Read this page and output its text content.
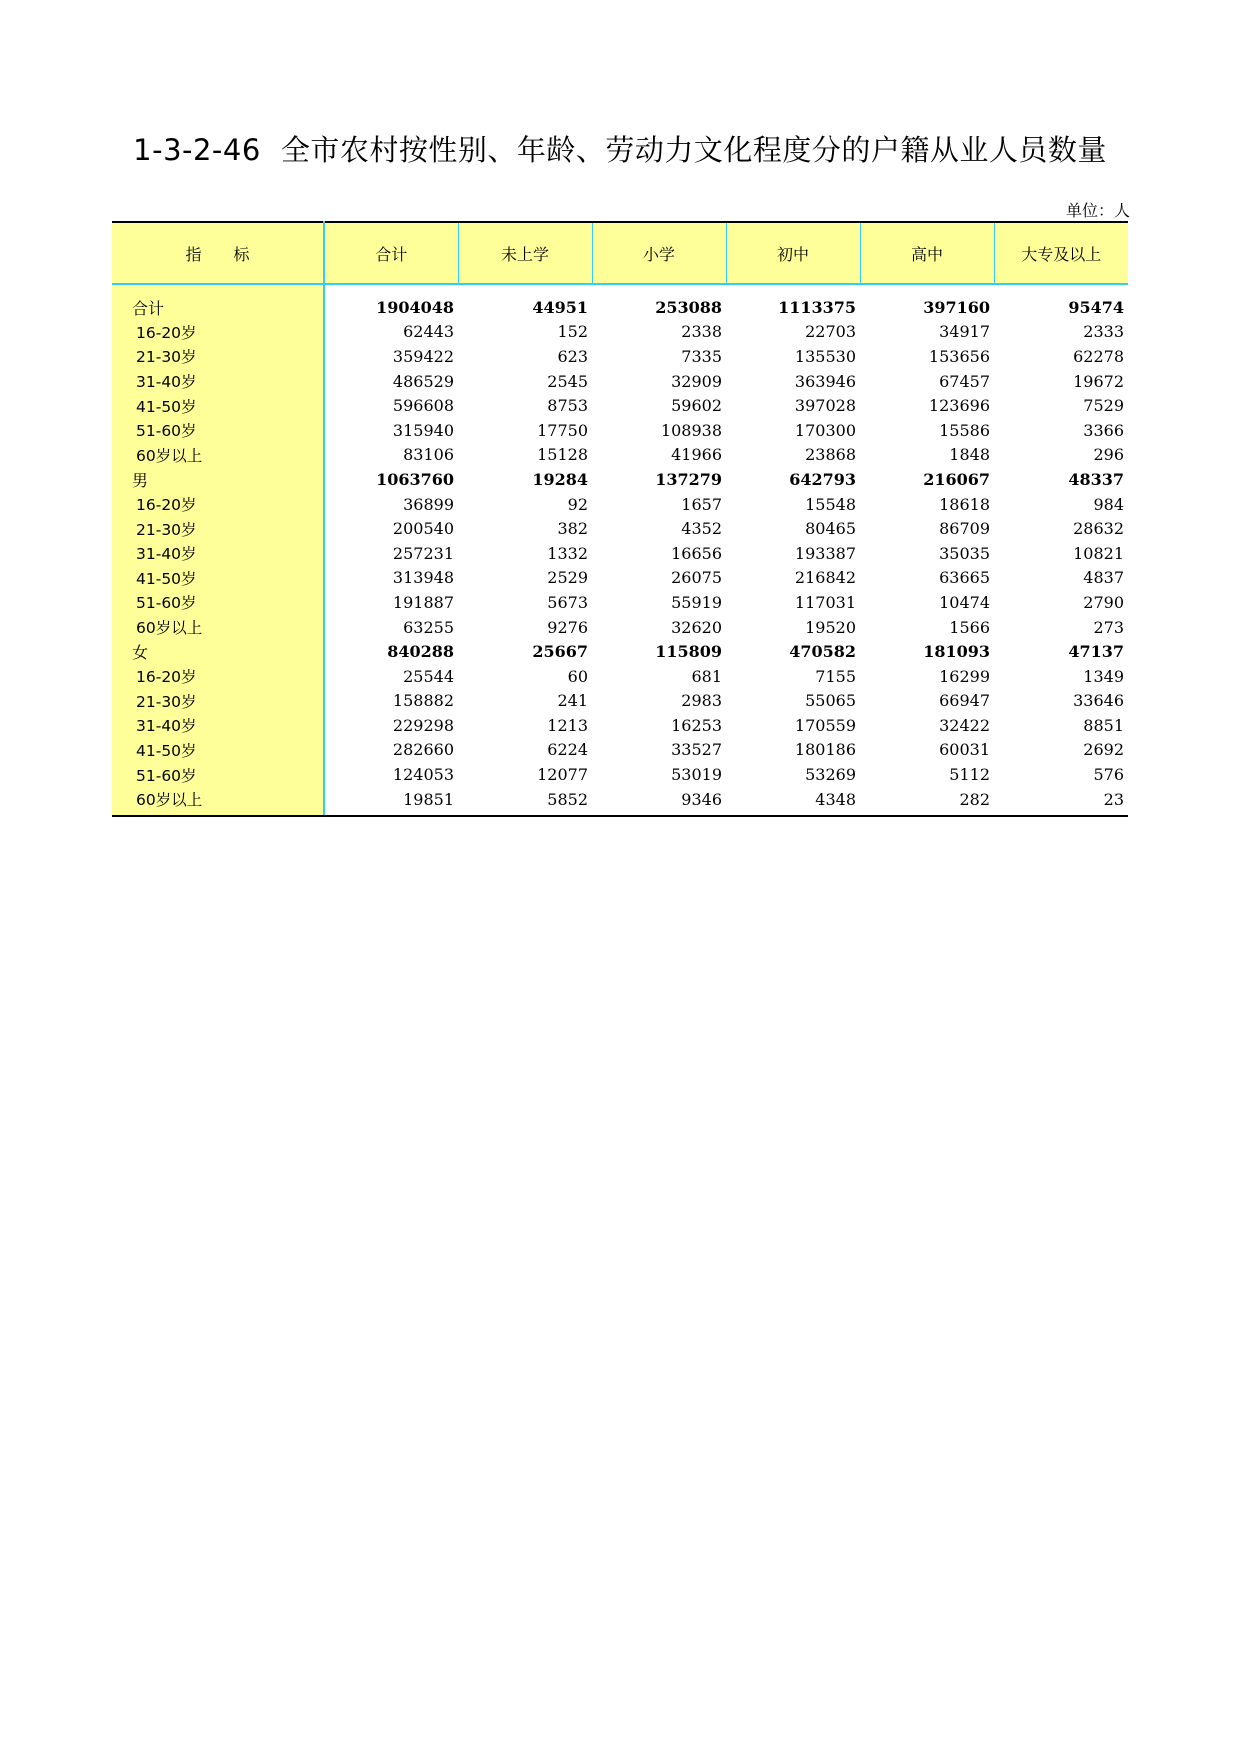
1-3-2-46 全市农村按性别、年龄、劳动力文化程度分的户籍从业人员数量
单位：人
指　　标	合计	未上学	小学	初中	高中	大专及以上
合计	1904048	44951	253088	1113375	397160	95474
16-20岁	62443	152	2338	22703	34917	2333
21-30岁	359422	623	7335	135530	153656	62278
31-40岁	486529	2545	32909	363946	67457	19672
41-50岁	596608	8753	59602	397028	123696	7529
51-60岁	315940	17750	108938	170300	15586	3366
60岁以上	83106	15128	41966	23868	1848	296
男	1063760	19284	137279	642793	216067	48337
16-20岁	36899	92	1657	15548	18618	984
21-30岁	200540	382	4352	80465	86709	28632
31-40岁	257231	1332	16656	193387	35035	10821
41-50岁	313948	2529	26075	216842	63665	4837
51-60岁	191887	5673	55919	117031	10474	2790
60岁以上	63255	9276	32620	19520	1566	273
女	840288	25667	115809	470582	181093	47137
16-20岁	25544	60	681	7155	16299	1349
21-30岁	158882	241	2983	55065	66947	33646
31-40岁	229298	1213	16253	170559	32422	8851
41-50岁	282660	6224	33527	180186	60031	2692
51-60岁	124053	12077	53019	53269	5112	576
60岁以上	19851	5852	9346	4348	282	23
